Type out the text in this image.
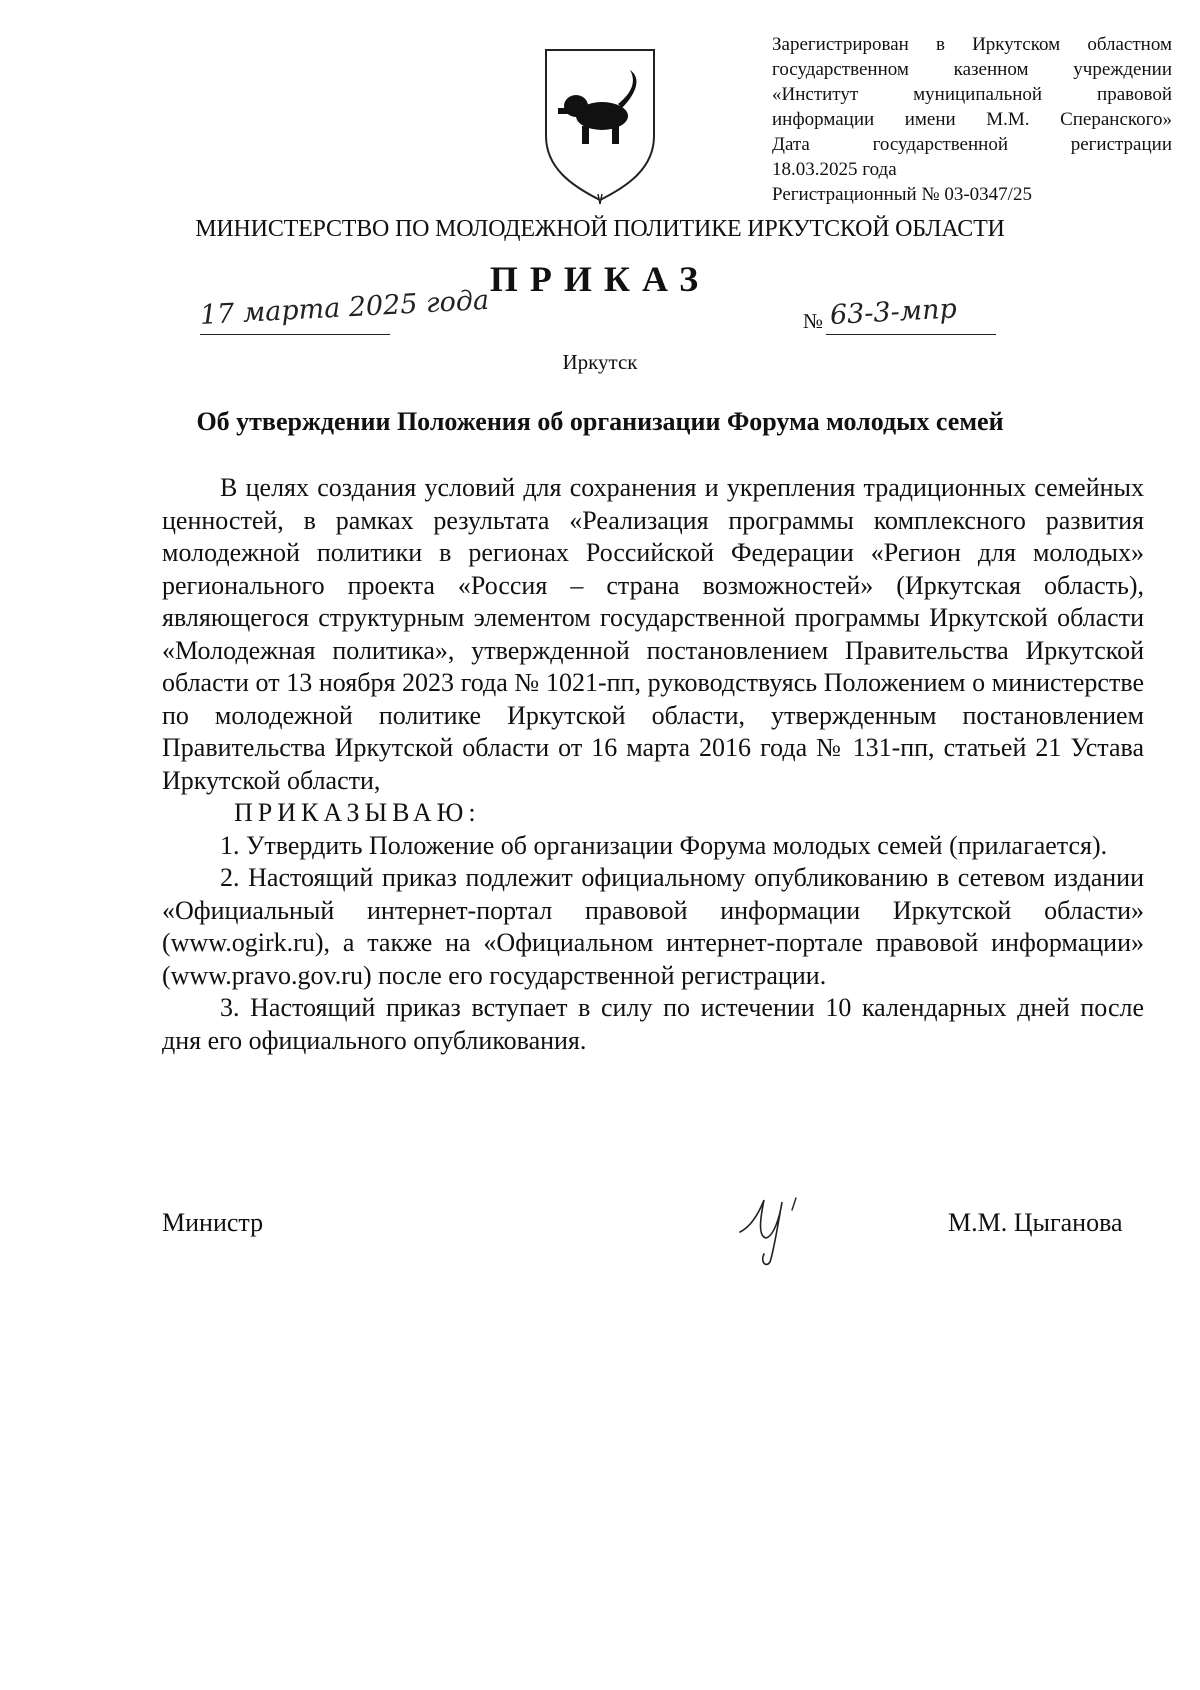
Зарегистрирован в Иркутском областном
государственном казенном учреждении
«Институт муниципальной правовой
информации имени М.М. Сперанского»
Дата государственной регистрации
18.03.2025 года
Регистрационный № 03-0347/25
МИНИСТЕРСТВО ПО МОЛОДЕЖНОЙ ПОЛИТИКЕ ИРКУТСКОЙ ОБЛАСТИ
ПРИКАЗ
17 марта 2025 года	№ 63-3-мпр
Иркутск
Об утверждении Положения об организации Форума молодых семей

В целях создания условий для сохранения и укрепления традиционных семейных ценностей, в рамках результата «Реализация программы комплексного развития молодежной политики в регионах Российской Федерации «Регион для молодых» регионального проекта «Россия – страна возможностей» (Иркутская область), являющегося структурным элементом государственной программы Иркутской области «Молодежная политика», утвержденной постановлением Правительства Иркутской области от 13 ноября 2023 года № 1021-пп, руководствуясь Положением о министерстве по молодежной политике Иркутской области, утвержденным постановлением Правительства Иркутской области от 16 марта 2016 года № 131-пп, статьей 21 Устава Иркутской области,

ПРИКАЗЫВАЮ:

1. Утвердить Положение об организации Форума молодых семей (прилагается).

2. Настоящий приказ подлежит официальному опубликованию в сетевом издании «Официальный интернет-портал правовой информации Иркутской области» (www.ogirk.ru), а также на «Официальном интернет-портале правовой информации» (www.pravo.gov.ru) после его государственной регистрации.

3. Настоящий приказ вступает в силу по истечении 10 календарных дней после дня его официального опубликования.

Министр	М.М. Цыганова
